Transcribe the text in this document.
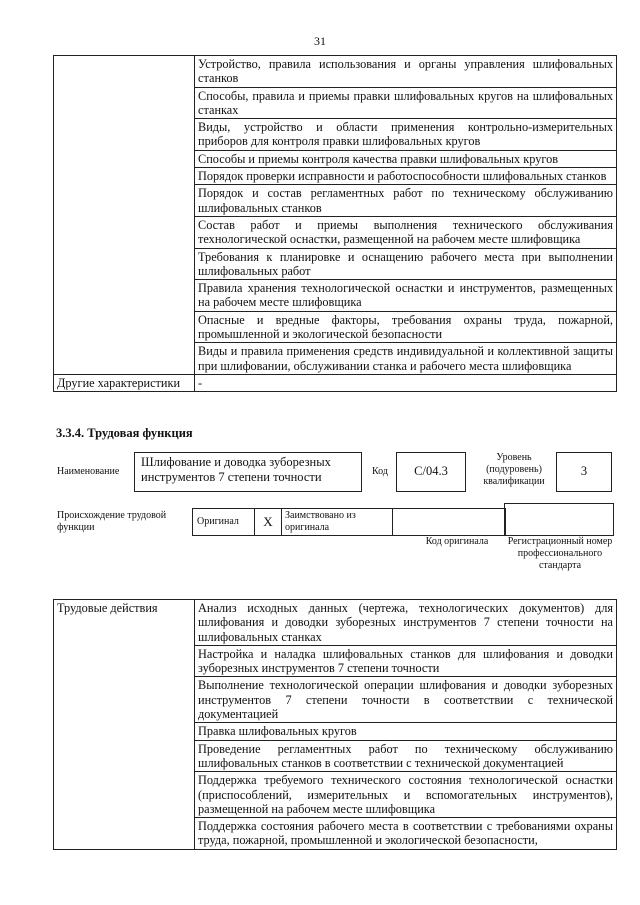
31
	Устройство, правила использования и органы управления шлифовальных станков
	Способы, правила и приемы правки шлифовальных кругов на шлифовальных станках
	Виды, устройство и области применения контрольно-измерительных приборов для контроля правки шлифовальных кругов
	Способы и приемы контроля качества правки шлифовальных кругов
	Порядок проверки исправности и работоспособности шлифовальных станков
	Порядок и состав регламентных работ по техническому обслуживанию шлифовальных станков
	Состав работ и приемы выполнения технического обслуживания технологической оснастки, размещенной на рабочем месте шлифовщика
	Требования к планировке и оснащению рабочего места при выполнении шлифовальных работ
	Правила хранения технологической оснастки и инструментов, размещенных на рабочем месте шлифовщика
	Опасные и вредные факторы, требования охраны труда, пожарной, промышленной и экологической безопасности
	Виды и правила применения средств индивидуальной и коллективной защиты при шлифовании, обслуживании станка и рабочего места шлифовщика
Другие характеристики	-
3.3.4. Трудовая функция
Наименование
Шлифование и доводка зуборезных инструментов 7 степени точности	Код	C/04.3
Уровень (подуровень) квалификации
3
Происхождение трудовой функции
Оригинал	X	Заимствовано из оригинала
Код оригинала	Регистрационный номер профессионального стандарта
Трудовые действия	Анализ исходных данных (чертежа, технологических документов) для шлифования и доводки зуборезных инструментов 7 степени точности на шлифовальных станках
Настройка и наладка шлифовальных станков для шлифования и доводки зуборезных инструментов 7 степени точности
Выполнение технологической операции шлифования и доводки зуборезных инструментов 7 степени точности в соответствии с технической документацией
Правка шлифовальных кругов
Проведение регламентных работ по техническому обслуживанию шлифовальных станков в соответствии с технической документацией
Поддержка требуемого технического состояния технологической оснастки (приспособлений, измерительных и вспомогательных инструментов), размещенной на рабочем месте шлифовщика
Поддержка состояния рабочего места в соответствии с требованиями охраны труда, пожарной, промышленной и экологической безопасности,
